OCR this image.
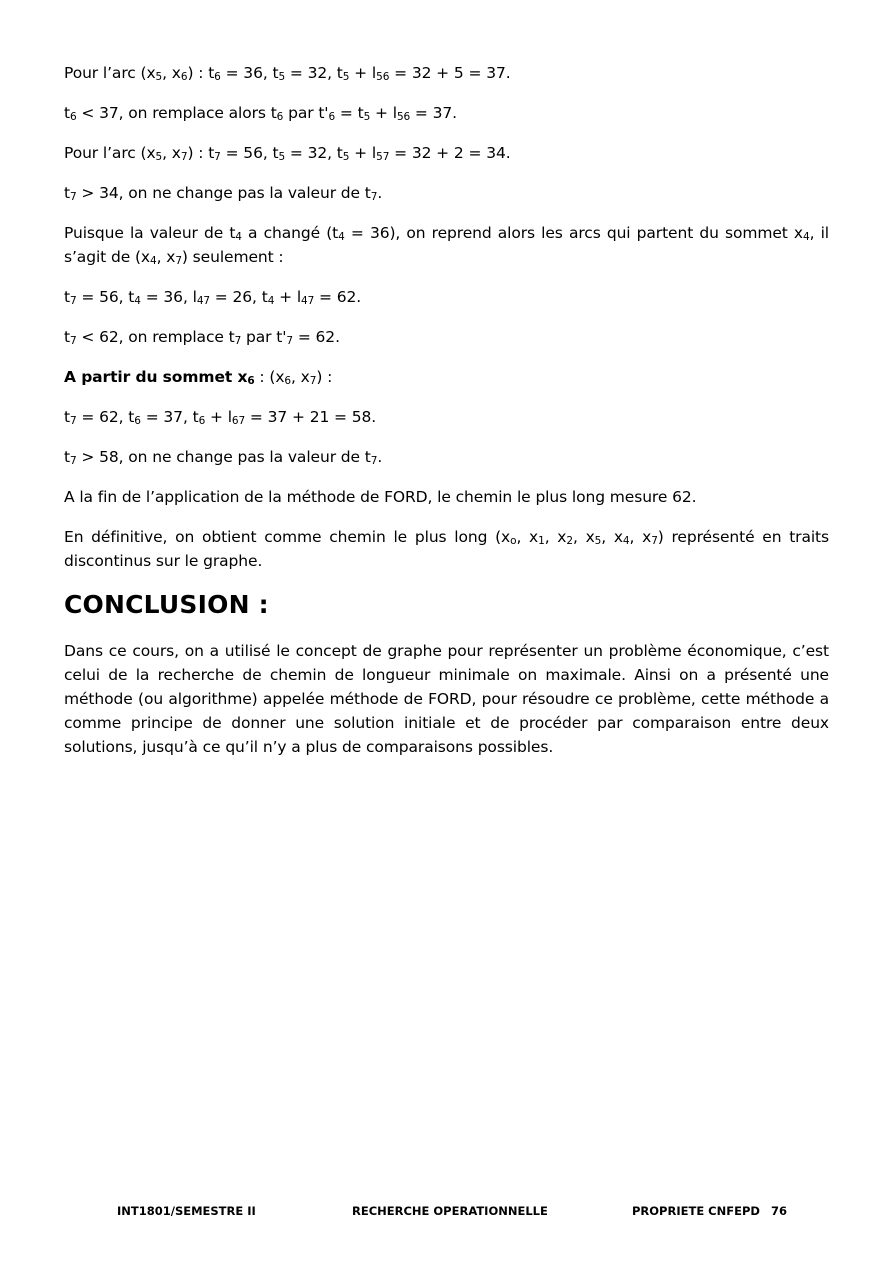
Pour l’arc ($x_5$, $x_6$) : $t_6 = 36$, $t_5 = 32$, $t_5 + l_{56} = 32 + 5 = 37$.

$t_6 < 37$, on remplace alors $t_6$ par $t'_6 = t_5 + l_{56} = 37$.

Pour l’arc ($x_5$, $x_7$) : $t_7 = 56$, $t_5 = 32$, $t_5 + l_{57} = 32 + 2 = 34$.

$t_7 > 34$, on ne change pas la valeur de $t_7$.

Puisque la valeur de $t_4$ a changé $(t_4 = 36)$, on reprend alors les arcs qui partent du sommet $x_4$, il s’agit de ($x_4$, $x_7$) seulement :

$t_7 = 56$, $t_4 = 36$, $l_{47} = 26$, $t_4 + l_{47} = 62$.

$t_7 < 62$, on remplace $t_7$ par $t'_7 = 62$.

A partir du sommet $x_6$ : ($x_6$, $x_7$) :

$t_7 = 62$, $t_6 = 37$, $t_6 + l_{67} = 37 + 21 = 58$.

$t_7 > 58$, on ne change pas la valeur de $t_7$.

A la fin de l’application de la méthode de FORD, le chemin le plus long mesure 62.

En définitive, on obtient comme chemin le plus long ($x_o$, $x_1$, $x_2$, $x_5$, $x_4$, $x_7$) représenté en traits discontinus sur le graphe.

CONCLUSION :

Dans ce cours, on a utilisé le concept de graphe pour représenter un problème économique, c’est celui de la recherche de chemin de longueur minimale on maximale. Ainsi on a présenté une méthode (ou algorithme) appelée méthode de FORD, pour résoudre ce problème, cette méthode a comme principe de donner une solution initiale et de procéder par comparaison entre deux solutions, jusqu’à ce qu’il n’y a plus de comparaisons possibles.

INT1801/SEMESTRE II	RECHERCHE OPERATIONNELLE	PROPRIETE CNFEPD 76
